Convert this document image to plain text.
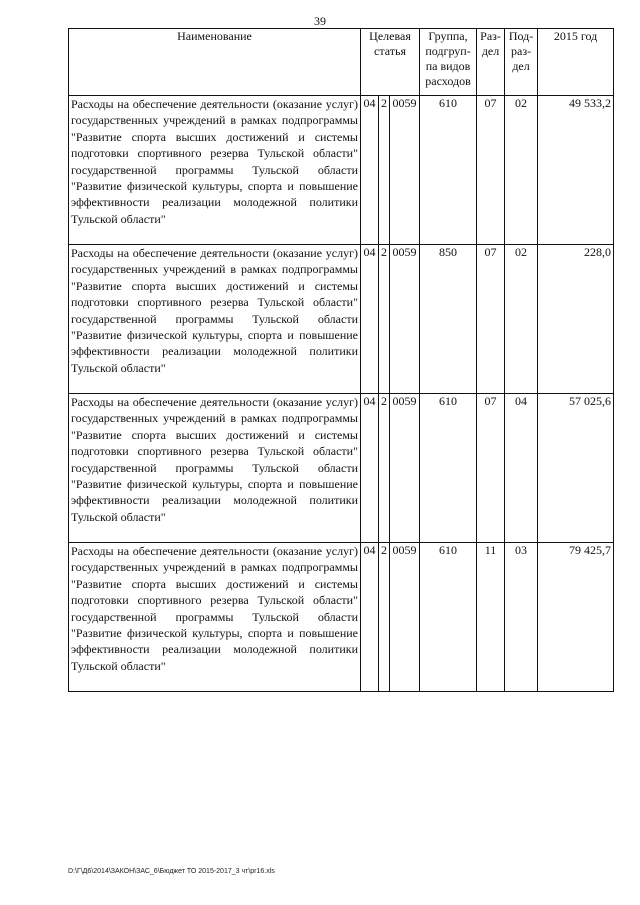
39
Наименование	Целевая статья			Группа, подгруп-па видов расходов	Раз-дел	Под-раз-дел	2015 год
Расходы на обеспечение деятельности (оказание услуг) государственных учреждений в рамках подпрограммы "Развитие спорта высших достижений и системы подготовки спортивного резерва Тульской области" государственной программы Тульской области "Развитие физической культуры, спорта и повышение эффективности реализации молодежной политики Тульской области"	04	2	0059	610	07	02	49 533,2
Расходы на обеспечение деятельности (оказание услуг) государственных учреждений в рамках подпрограммы "Развитие спорта высших достижений и системы подготовки спортивного резерва Тульской области" государственной программы Тульской области "Развитие физической культуры, спорта и повышение эффективности реализации молодежной политики Тульской области"	04	2	0059	850	07	02	228,0
Расходы на обеспечение деятельности (оказание услуг) государственных учреждений в рамках подпрограммы "Развитие спорта высших достижений и системы подготовки спортивного резерва Тульской области" государственной программы Тульской области "Развитие физической культуры, спорта и повышение эффективности реализации молодежной политики Тульской области"	04	2	0059	610	07	04	57 025,6
Расходы на обеспечение деятельности (оказание услуг) государственных учреждений в рамках подпрограммы "Развитие спорта высших достижений и системы подготовки спортивного резерва Тульской области" государственной программы Тульской области "Развитие физической культуры, спорта и повышение эффективности реализации молодежной политики Тульской области"	04	2	0059	610	11	03	79 425,7
D:\Г\Д6\2014\ЗАКОН\ЗАС_6\Бюджет ТО 2015-2017_3 чт\pr16.xls
